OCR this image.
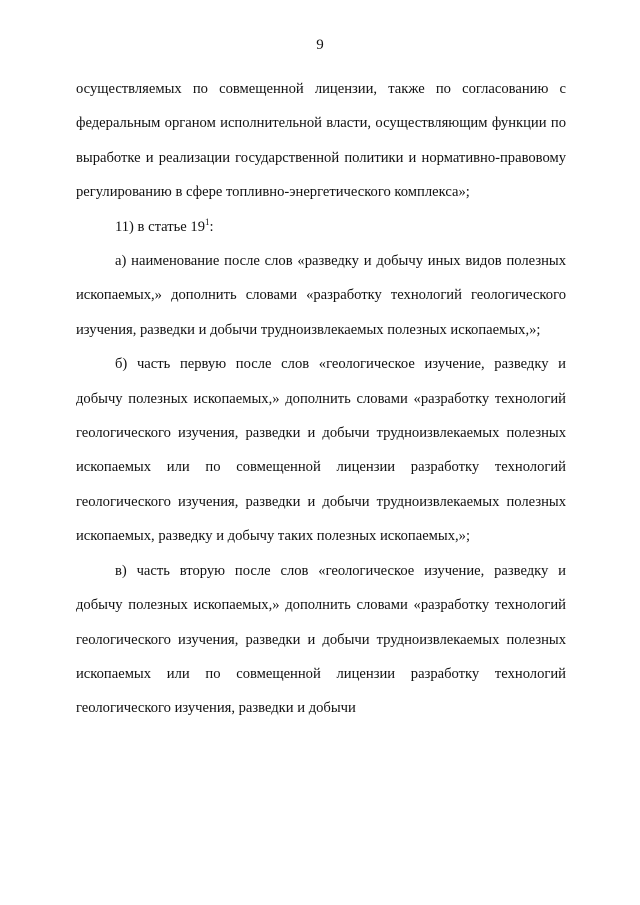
9

осуществляемых по совмещенной лицензии, также по согласованию с федеральным органом исполнительной власти, осуществляющим функции по выработке и реализации государственной политики и нормативно-правовому регулированию в сфере топливно-энергетического комплекса»;

11) в статье $19^1$:

а) наименование после слов «разведку и добычу иных видов полезных ископаемых,» дополнить словами «разработку технологий геологического изучения, разведки и добычи трудноизвлекаемых полезных ископаемых,»;

б) часть первую после слов «геологическое изучение, разведку и добычу полезных ископаемых,» дополнить словами «разработку технологий геологического изучения, разведки и добычи трудноизвлекаемых полезных ископаемых или по совмещенной лицензии разработку технологий геологического изучения, разведки и добычи трудноизвлекаемых полезных ископаемых, разведку и добычу таких полезных ископаемых,»;

в) часть вторую после слов «геологическое изучение, разведку и добычу полезных ископаемых,» дополнить словами «разработку технологий геологического изучения, разведки и добычи трудноизвлекаемых полезных ископаемых или по совмещенной лицензии разработку технологий геологического изучения, разведки и добычи
